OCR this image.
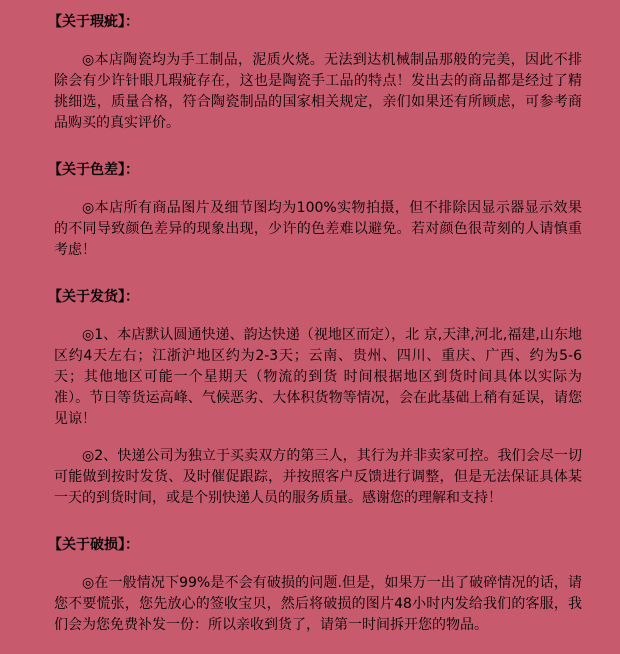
【关于瑕疵】：

◎本店陶瓷均为手工制品，泥质火烧。无法到达机械制品那般的完美，因此不排除会有少许针眼几瑕疵存在，这也是陶瓷手工品的特点！发出去的商品都是经过了精挑细选，质量合格，符合陶瓷制品的国家相关规定，亲们如果还有所顾虑，可参考商品购买的真实评价。

【关于色差】：

◎本店所有商品图片及细节图均为100%实物拍摄，但不排除因显示器显示效果的不同导致颜色差异的现象出现，少许的色差难以避免。若对颜色很苛刻的人请慎重考虑！

【关于发货】：

◎1、本店默认圆通快递、韵达快递（视地区而定），北 京,天津,河北,福建,山东地区约4天左右；江浙沪地区约为2-3天；云南、贵州、四川、重庆、广西、约为5-6天；其他地区可能一个星期天（物流的到货 时间根据地区到货时间具体以实际为准）。节日等货运高峰、气候恶劣、大体积货物等情况，会在此基础上稍有延误，请您见谅！

◎2、快递公司为独立于买卖双方的第三人，其行为并非卖家可控。我们会尽一切可能做到按时发货、及时催促跟踪，并按照客户反馈进行调整，但是无法保证具体某一天的到货时间，或是个别快递人员的服务质量。感谢您的理解和支持！

【关于破损】：

◎在一般情况下99%是不会有破损的问题.但是，如果万一出了破碎情况的话，请您不要慌张，您先放心的签收宝贝，然后将破损的图片48小时内发给我们的客服，我们会为您免费补发一份：所以亲收到货了，请第一时间拆开您的物品。
